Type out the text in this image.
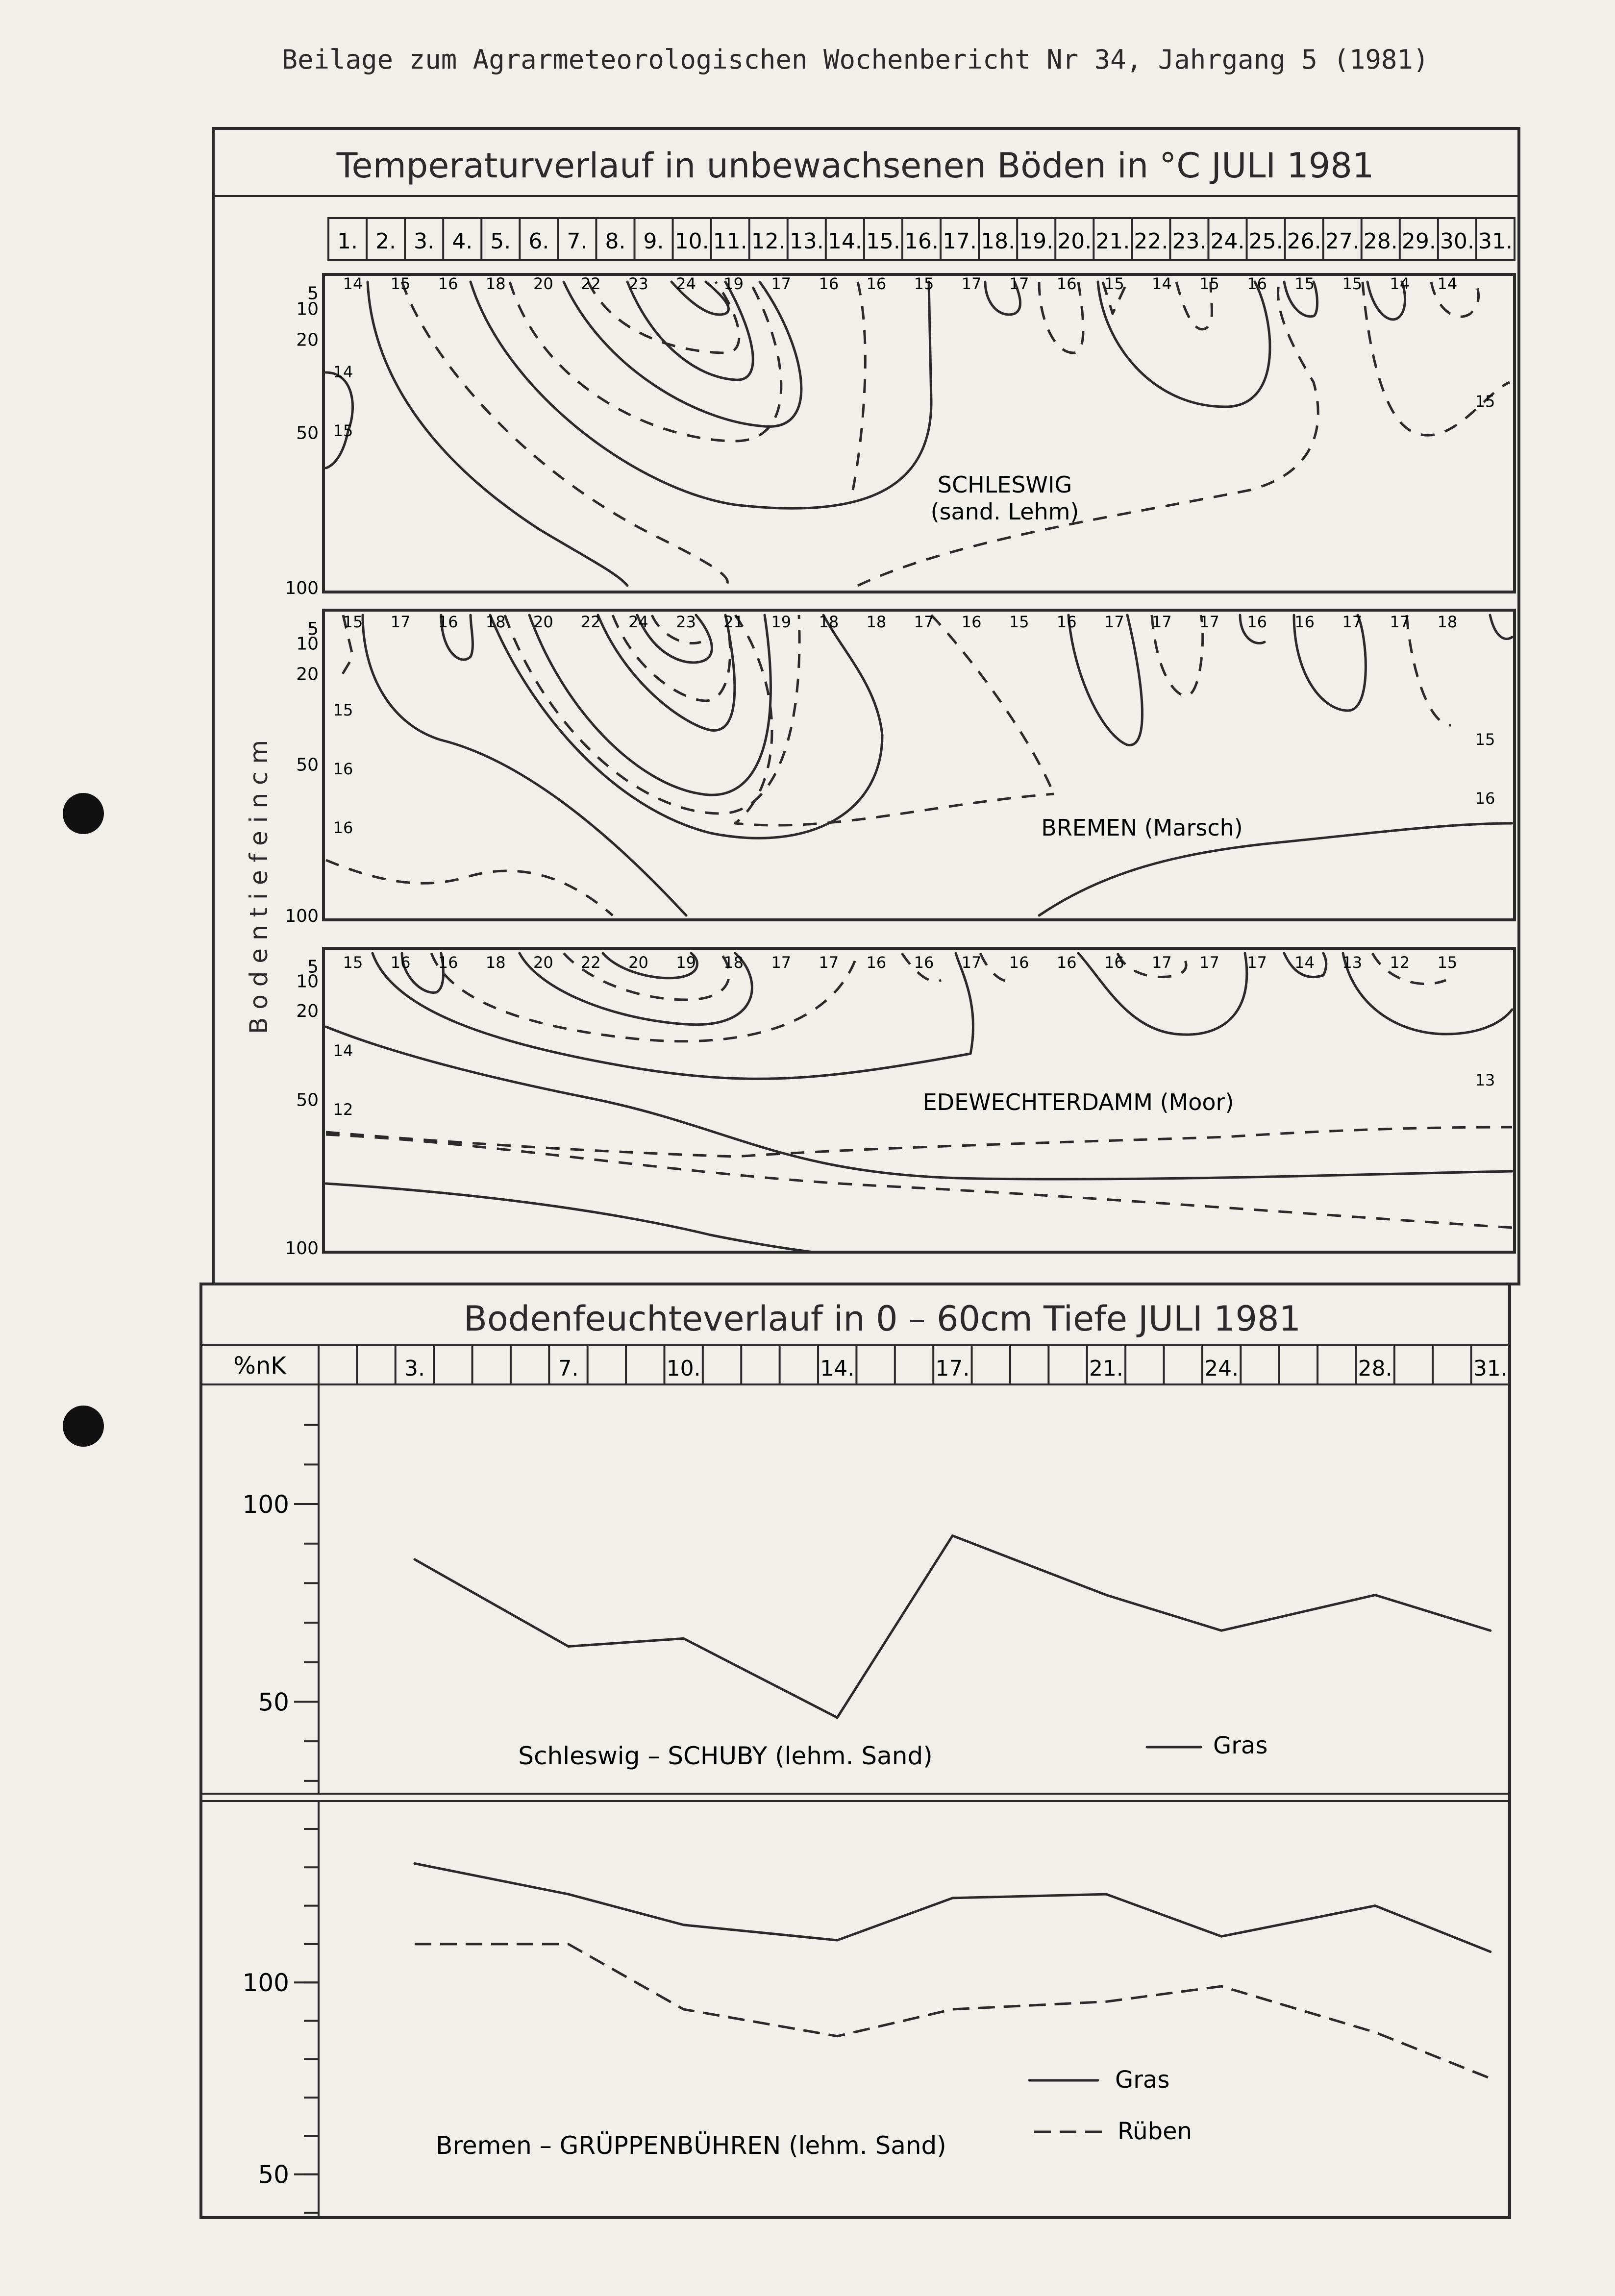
Beilage zum Agrarmeteorologischen Wochenbericht Nr 34, Jahrgang 5 (1981)
Temperaturverlauf in unbewachsenen Böden in °C JULI 1981
1. 2. 3. 4. 5. 6. 7. 8. 9. 10. 11. 12. 13. 14. 15. 16. 17. 18. 19. 20. 21. 22. 23. 24. 25. 26. 27. 28. 29. 30. 31.
B o d e n t i e f e i n c m
5
10
20
50
100
14 15 16 18 20 22 23 24 19 17 16 16 15 17 17 16 15 14 15 16 15 15 14 14
14
15
15
SCHLESWIG
(sand. Lehm)
5
10
20
50
100
15 17 16 18 20 22 24 23 21 19 18 18 17 16 15 16 17 17 17 16 16 17 17 18
15
15
16
16
16	BREMEN (Marsch)
5
10
20
50
100
15 16 16 18 20 22 20 19 18 17 17 16 16 17 16 16 16 17 17 17 14 13 12 15
14
13
12	EDEWECHTERDAMM (Moor)
Bodenfeuchteverlauf in 0 – 60cm Tiefe JULI 1981
%nK	3.	7.	10.	14.	17.	21.	24.	28.	31.
100
50
Schleswig – SCHUBY (lehm. Sand)	Gras
100
50
Bremen – GRÜPPENBÜHREN (lehm. Sand)
Gras
Rüben
